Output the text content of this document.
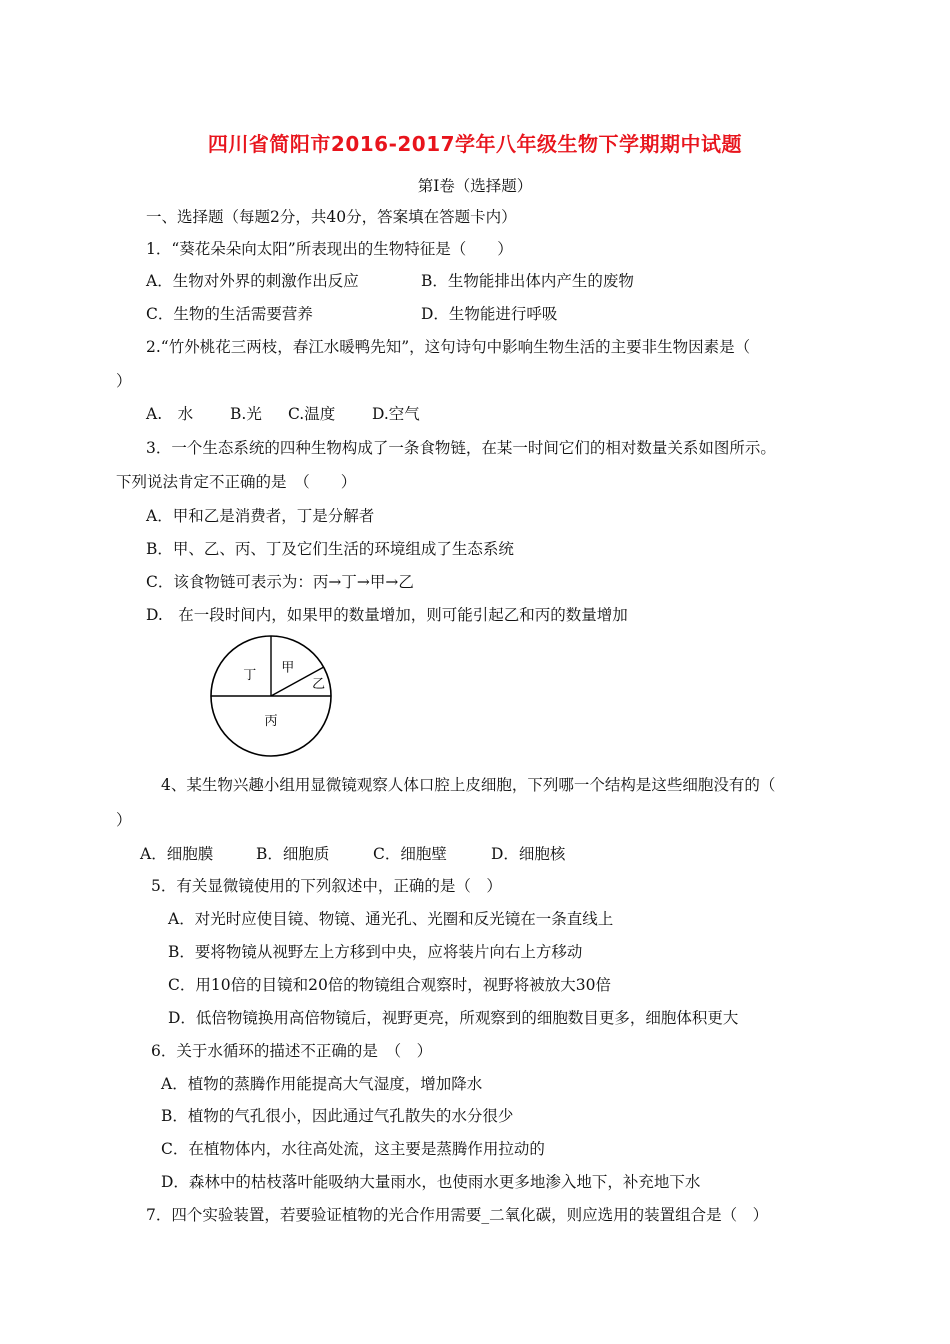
四川省简阳市2016-2017学年八年级生物下学期期中试题
第Ⅰ卷（选择题）
一、选择题（每题2分，共40分，答案填在答题卡内）
1．“葵花朵朵向太阳”所表现出的生物特征是（　　）
A．生物对外界的刺激作出反应	B．生物能排出体内产生的废物
C．生物的生活需要营养	D．生物能进行呼吸
2.“竹外桃花三两枝，春江水暖鸭先知”，这句诗句中影响生物生活的主要非生物因素是（
）
A.　水	B.光	C.温度	D.空气
3．一个生态系统的四种生物构成了一条食物链，在某一时间它们的相对数量关系如图所示。
下列说法肯定不正确的是　（　　）
A．甲和乙是消费者，丁是分解者
B．甲、乙、丙、丁及它们生活的环境组成了生态系统
C．该食物链可表示为：丙→丁→甲→乙
D.　在一段时间内，如果甲的数量增加，则可能引起乙和丙的数量增加
丁 甲
乙
丙
4、某生物兴趣小组用显微镜观察人体口腔上皮细胞，下列哪一个结构是这些细胞没有的（
）
A．细胞膜	B．细胞质	C．细胞壁	D．细胞核
5．有关显微镜使用的下列叙述中，正确的是（　）
A．对光时应使目镜、物镜、通光孔、光圈和反光镜在一条直线上
B．要将物镜从视野左上方移到中央，应将装片向右上方移动
C．用10倍的目镜和20倍的物镜组合观察时，视野将被放大30倍
D．低倍物镜换用高倍物镜后，视野更亮，所观察到的细胞数目更多，细胞体积更大
6．关于水循环的描述不正确的是　（　）
A．植物的蒸腾作用能提高大气湿度，增加降水
B．植物的气孔很小，因此通过气孔散失的水分很少
C．在植物体内，水往高处流，这主要是蒸腾作用拉动的
D．森林中的枯枝落叶能吸纳大量雨水，也使雨水更多地渗入地下，补充地下水
7．四个实验装置，若要验证植物的光合作用需要_二氧化碳，则应选用的装置组合是（　）
